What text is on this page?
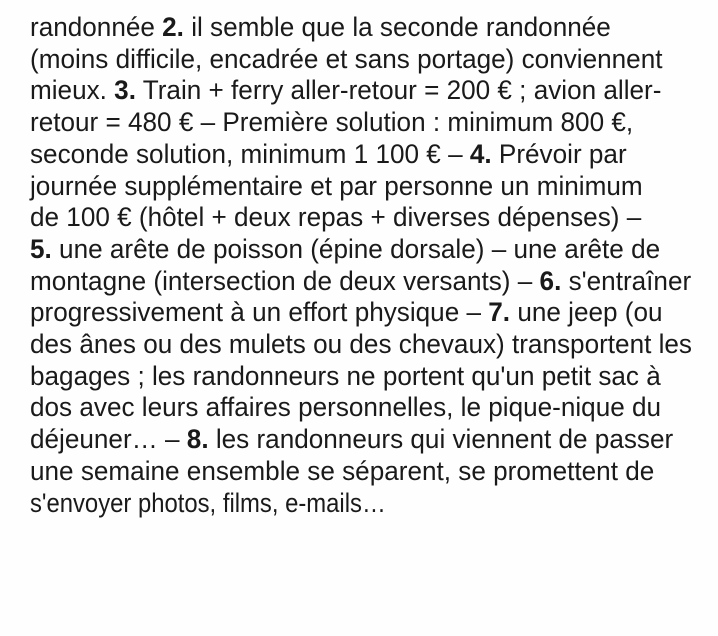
randonnée 2. il semble que la seconde randonnée
(moins difficile, encadrée et sans portage) conviennent
mieux. 3. Train + ferry aller-retour = 200 € ; avion aller-
retour = 480 € – Première solution : minimum 800 €,
seconde solution, minimum 1 100 € – 4. Prévoir par
journée supplémentaire et par personne un minimum
de 100 € (hôtel + deux repas + diverses dépenses) –
5. une arête de poisson (épine dorsale) – une arête de
montagne (intersection de deux versants) – 6. s'entraîner
progressivement à un effort physique – 7. une jeep (ou
des ânes ou des mulets ou des chevaux) transportent les
bagages ; les randonneurs ne portent qu'un petit sac à
dos avec leurs affaires personnelles, le pique-nique du
déjeuner… – 8. les randonneurs qui viennent de passer
une semaine ensemble se séparent, se promettent de
s'envoyer photos, films, e-mails…
